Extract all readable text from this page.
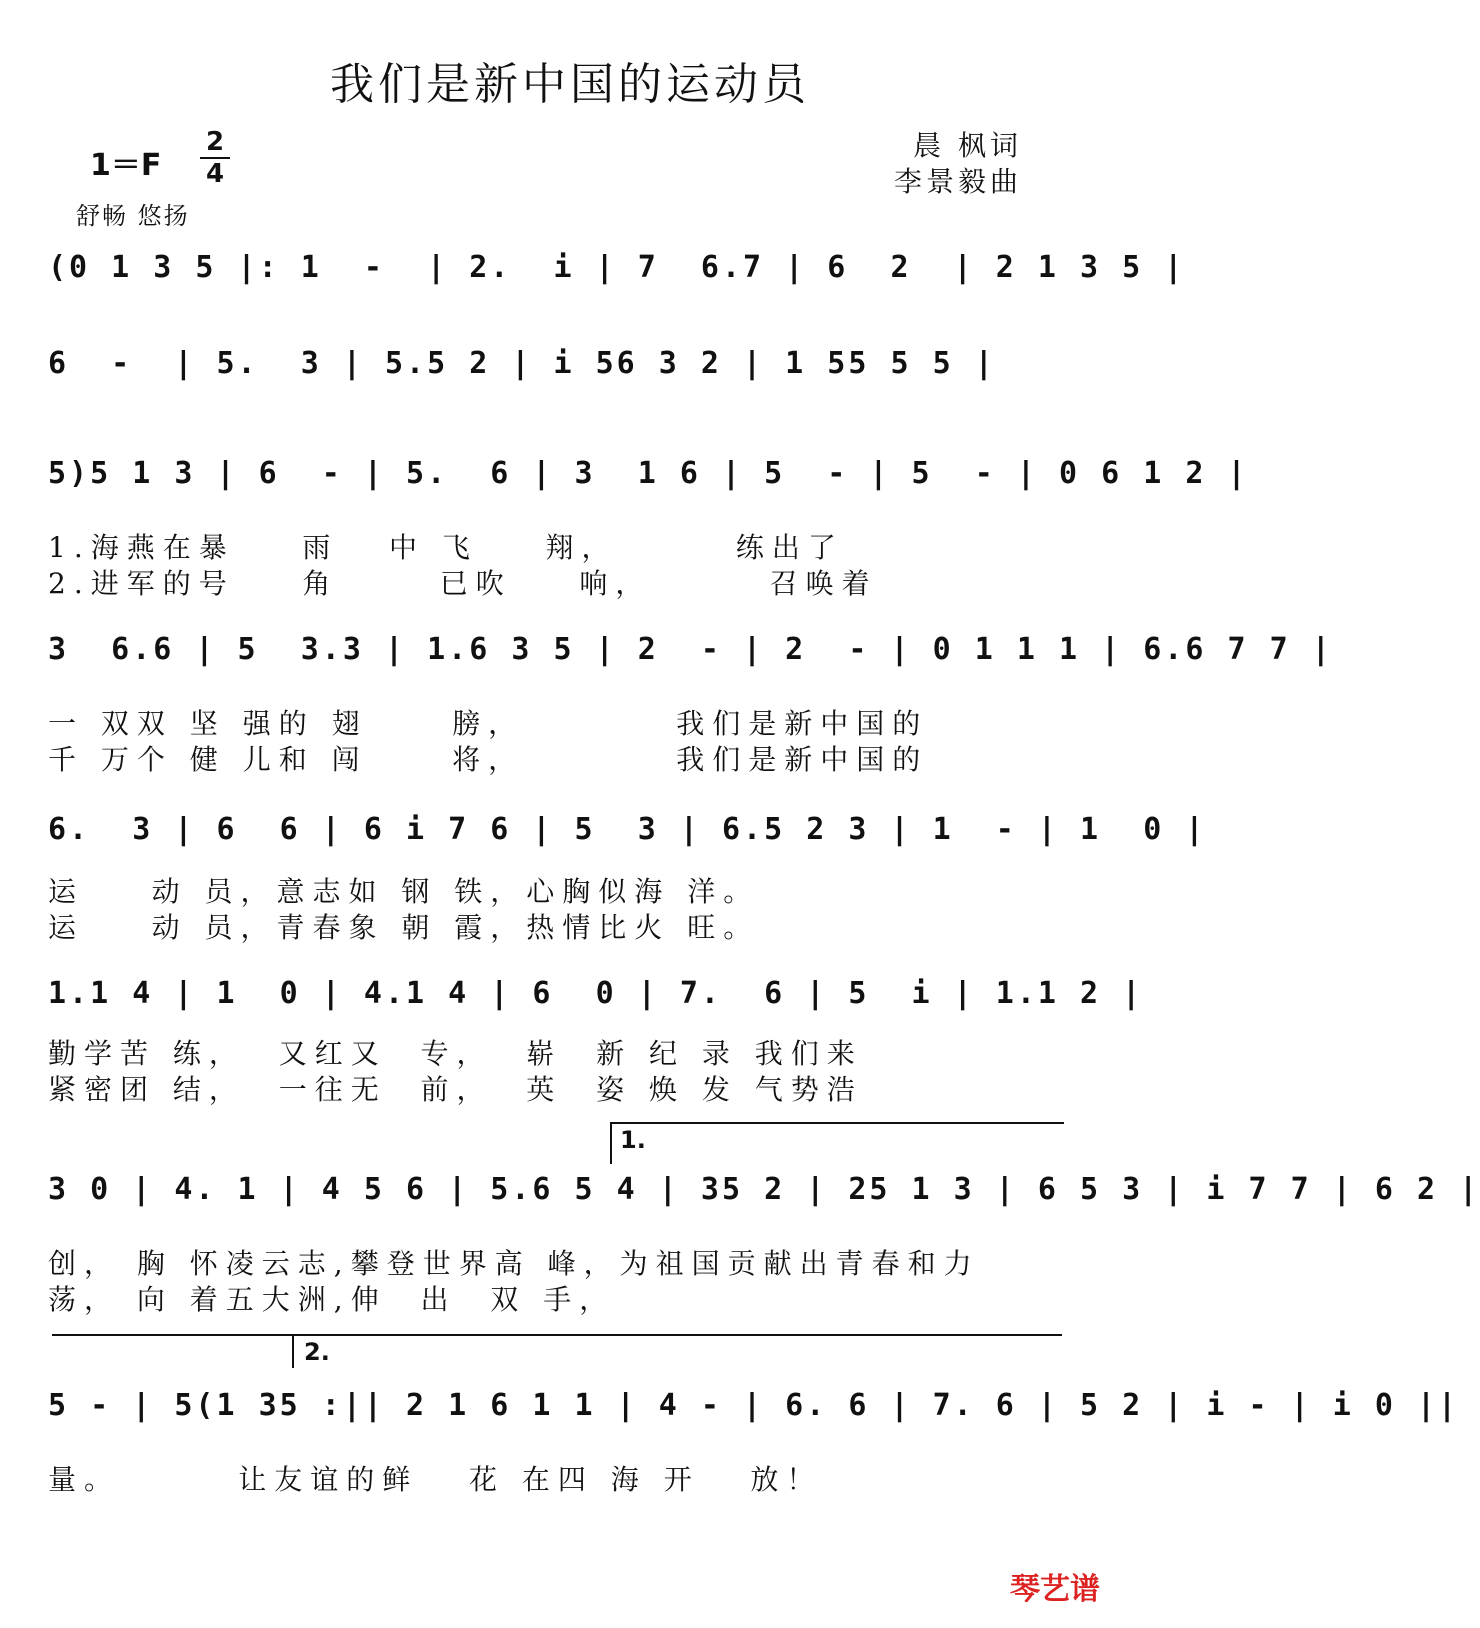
我们是新中国的运动员
1＝F
2
4
舒畅 悠扬
晨 枫词
李景毅曲
(0 1 3 5 |: 1  -  | 2.  i | 7  6.7 | 6  2  | 2 1 3 5 |
6  -  | 5.  3 | 5.5 2 | i 56 3 2 | 1 55 5 5 |
5)5 1 3 | 6  - | 5.  6 | 3  1 6 | 5  - | 5  - | 0 6 1 2 |
1.海燕在暴    雨   中 飞    翔，       练出了
2.进军的号    角      已吹    响，       召唤着
3  6.6 | 5  3.3 | 1.6 3 5 | 2  - | 2  - | 0 1 1 1 | 6.6 7 7 |
一 双双 坚 强的 翅     膀，         我们是新中国的
千 万个 健 儿和 闯     将，         我们是新中国的
6.  3 | 6  6 | 6 i 7 6 | 5  3 | 6.5 2 3 | 1  - | 1  0 |
运    动 员，意志如 钢 铁，心胸似海 洋。
运    动 员，青春象 朝 霞，热情比火 旺。
1.1 4 | 1  0 | 4.1 4 | 6  0 | 7.  6 | 5  i | 1.1 2 |
勤学苦 练，  又红又  专，  崭  新 纪 录 我们来
紧密团 结，  一往无  前，  英  姿 焕 发 气势浩
1.
3 0 | 4. 1 | 4 5 6 | 5.6 5 4 | 35 2 | 25 1 3 | 6 5 3 | i 7 7 | 6 2 |
创， 胸 怀凌云志,攀登世界高 峰，为祖国贡献出青春和力
荡， 向 着五大洲,伸  出  双 手，
2.
5 - | 5(1 35 :|| 2 1 6 1 1 | 4 - | 6. 6 | 7. 6 | 5 2 | i - | i 0 ||
量。       让友谊的鲜   花 在四 海 开   放！
琴艺谱
